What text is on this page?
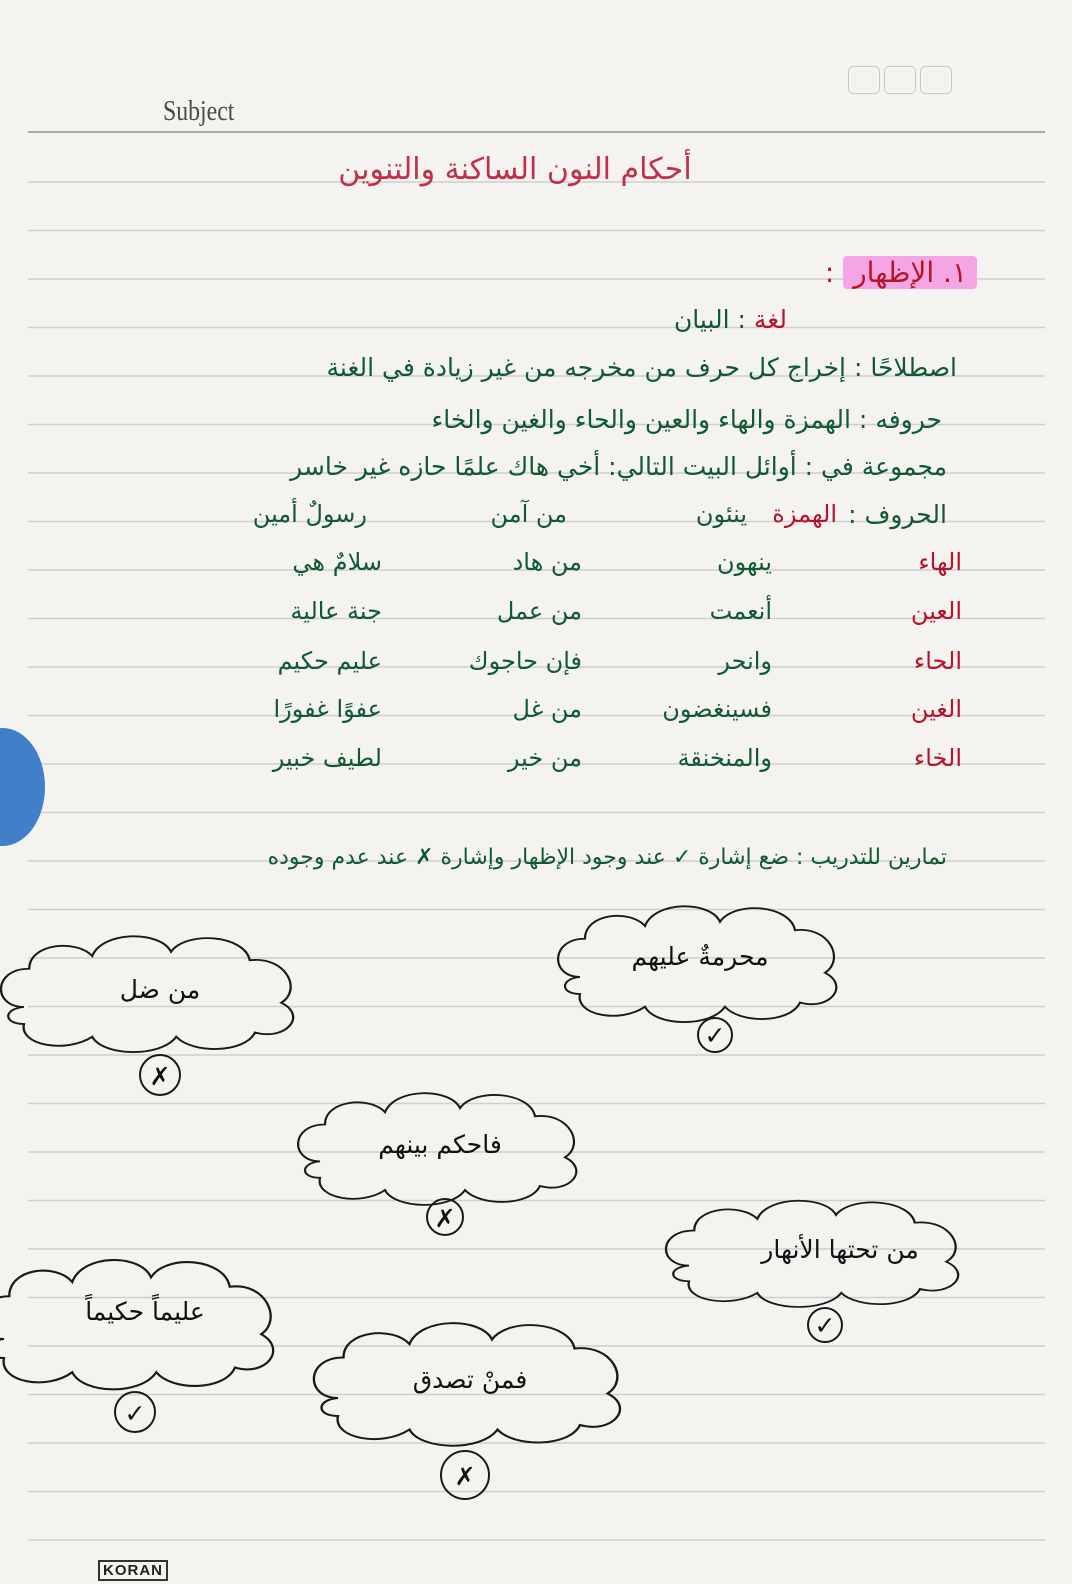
Subject
أحكام النون الساكنة والتنوين
١. الإظهار :
لغة : البيان
اصطلاحًا : إخراج كل حرف من مخرجه من غير زيادة في الغنة
حروفه : الهمزة والهاء والعين والحاء والغين والخاء
مجموعة في : أوائل البيت التالي: أخي هاك علمًا حازه غير خاسر
الحروف :
الهمزة
ينئون
من آمن
رسولٌ أمين
الهاء
ينهون
من هاد
سلامٌ هي
العين
أنعمت
من عمل
جنة عالية
الحاء
وانحر
فإن حاجوك
عليم حكيم
الغين
فسينغضون
من غل
عفوًا غفورًا
الخاء
والمنخنقة
من خير
لطيف خبير
تمارين للتدريب : ضع إشارة ✓ عند وجود الإظهار وإشارة ✗ عند عدم وجوده
من ضل
✗
محرمةٌ عليهم
✓
فاحكم بينهم
✗
من تحتها الأنهار
✓
عليماً حكيماً
✓
فمنْ تصدق
✗
KORAN
